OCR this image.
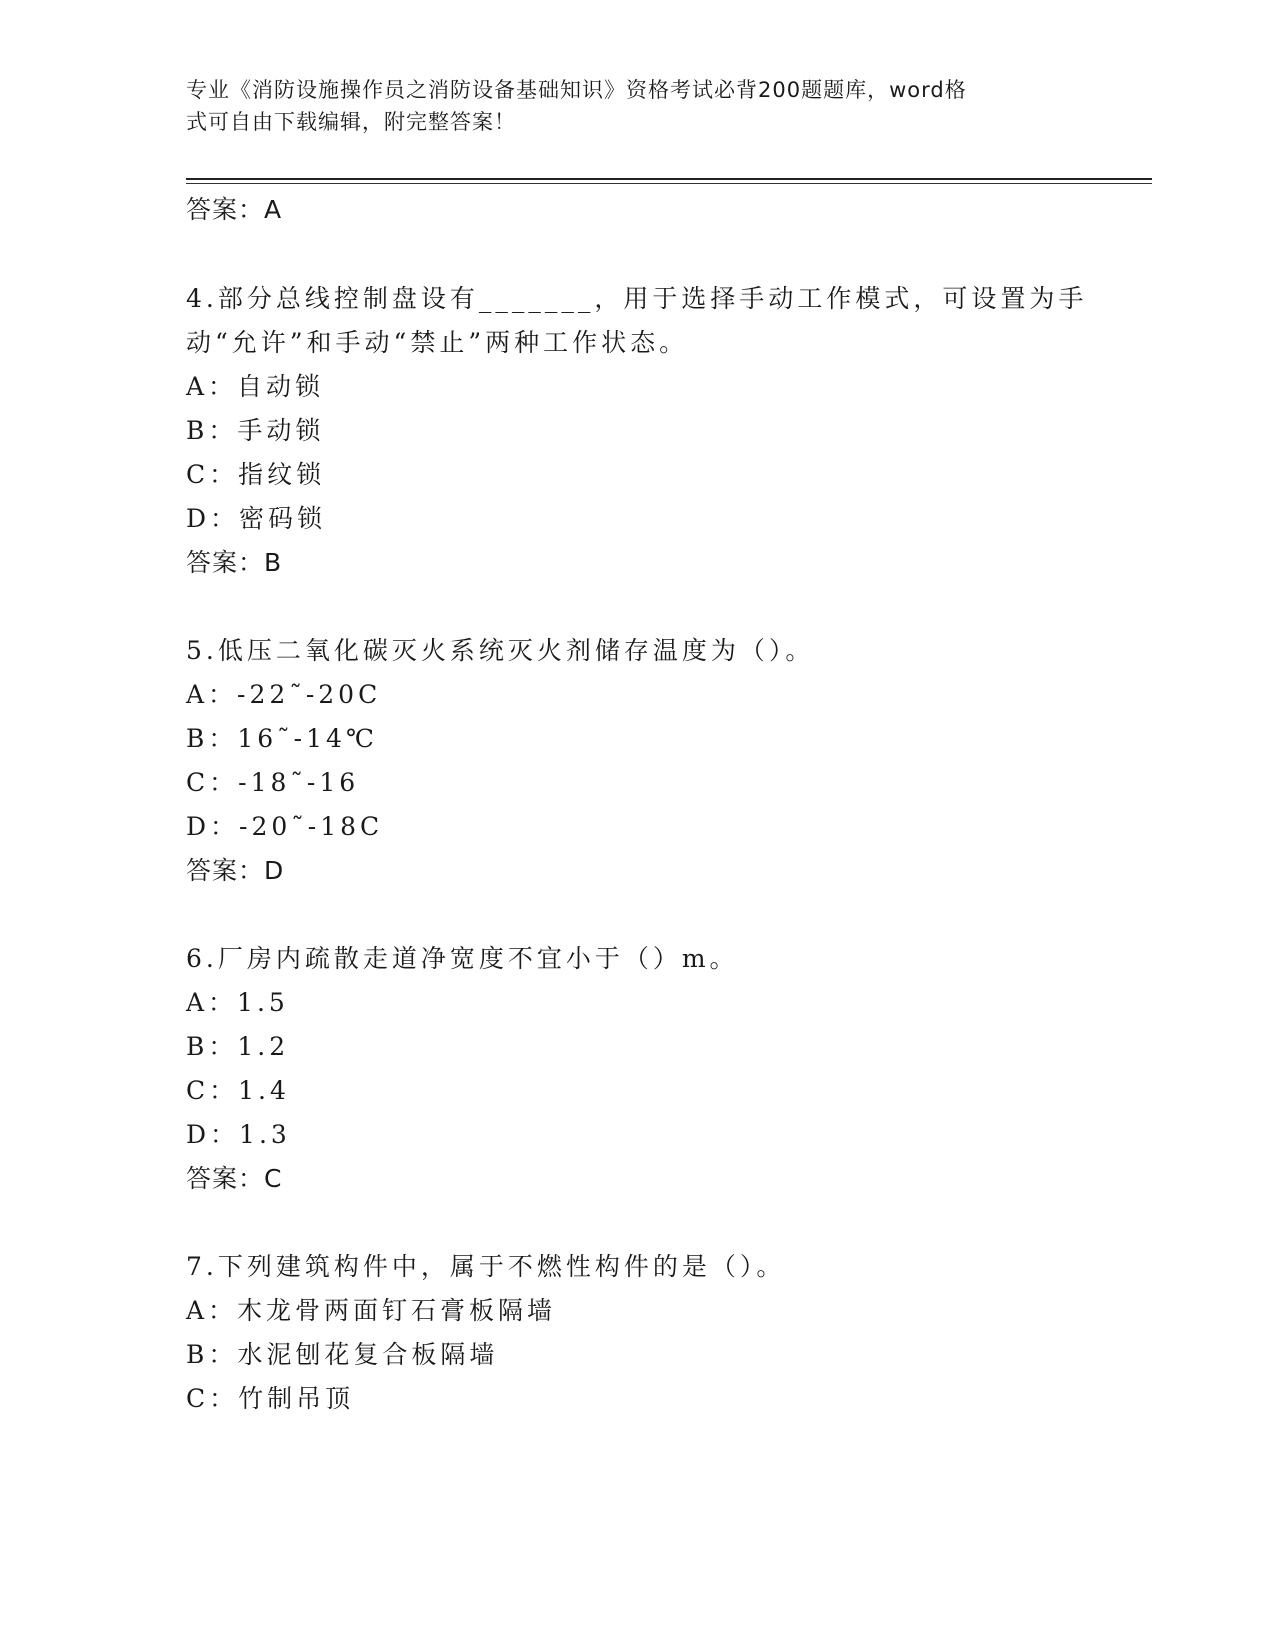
专业《消防设施操作员之消防设备基础知识》资格考试必背200题题库，word格
式可自由下载编辑，附完整答案！
答案：A
4.部分总线控制盘设有_______，用于选择手动工作模式，可设置为手
动“允许”和手动“禁止”两种工作状态。
A：自动锁
B：手动锁
C：指纹锁
D：密码锁
答案：B
5.低压二氧化碳灭火系统灭火剂储存温度为（）。
A：-22˜-20C
B：16˜-14℃
C：-18˜-16
D：-20˜-18C
答案：D
6.厂房内疏散走道净宽度不宜小于（）m。
A：1.5
B：1.2
C：1.4
D：1.3
答案：C
7.下列建筑构件中，属于不燃性构件的是（）。
A：木龙骨两面钉石膏板隔墙
B：水泥刨花复合板隔墙
C：竹制吊顶
